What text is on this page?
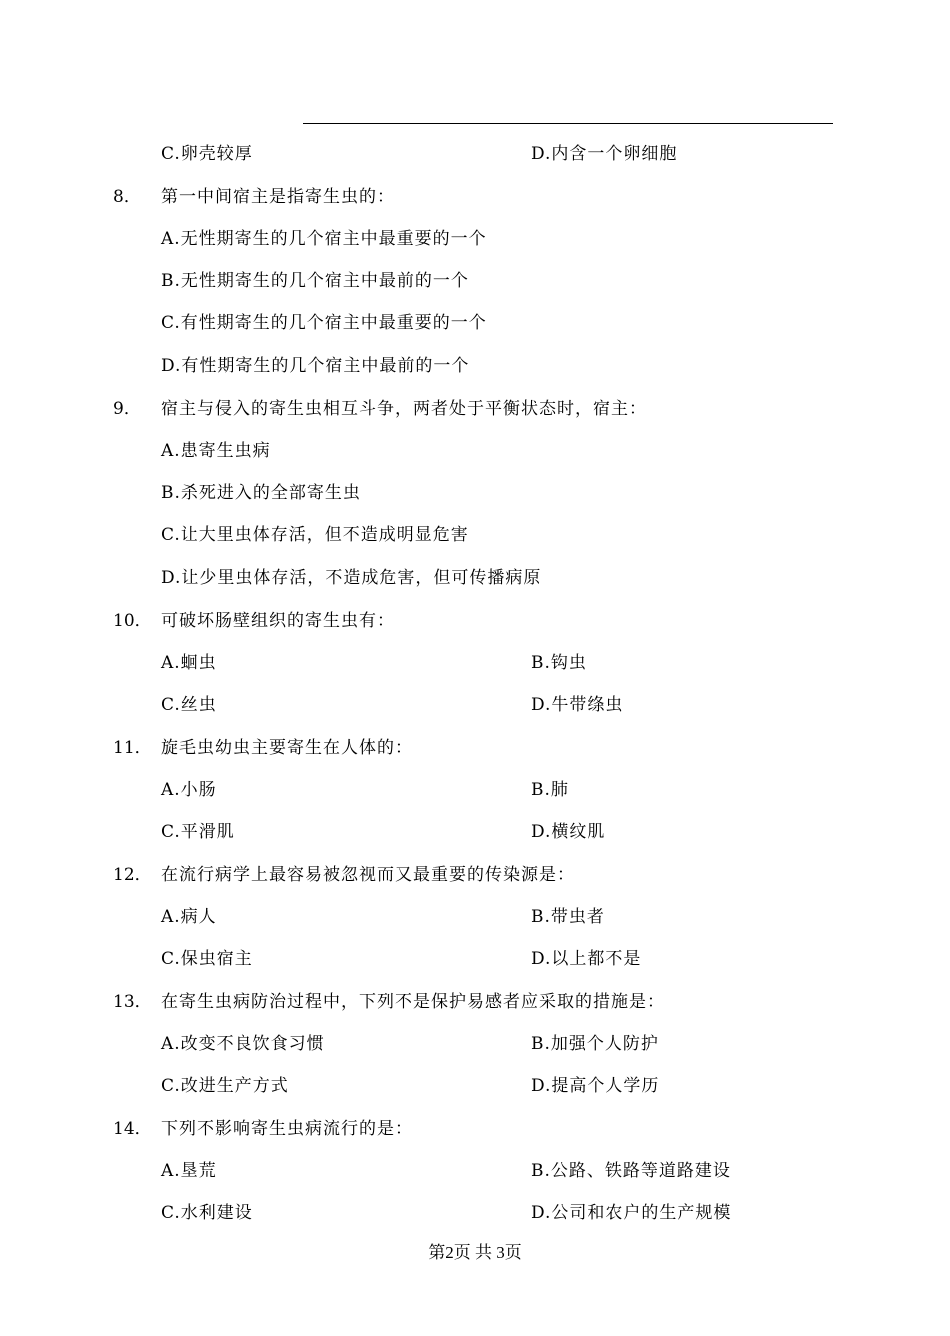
C.卵壳较厚	D.内含一个卵细胞
8． 第一中间宿主是指寄生虫的：
A.无性期寄生的几个宿主中最重要的一个
B.无性期寄生的几个宿主中最前的一个
C.有性期寄生的几个宿主中最重要的一个
D.有性期寄生的几个宿主中最前的一个
9． 宿主与侵入的寄生虫相互斗争，两者处于平衡状态时，宿主：
A.患寄生虫病
B.杀死进入的全部寄生虫
C.让大里虫体存活，但不造成明显危害
D.让少里虫体存活，不造成危害，但可传播病原
10． 可破坏肠壁组织的寄生虫有：
A.蛔虫	B.钩虫
C.丝虫	D.牛带绦虫
11． 旋毛虫幼虫主要寄生在人体的：
A.小肠	B.肺
C.平滑肌	D.横纹肌
12． 在流行病学上最容易被忽视而又最重要的传染源是：
A.病人	B.带虫者
C.保虫宿主	D.以上都不是
13． 在寄生虫病防治过程中，下列不是保护易感者应采取的措施是：
A.改变不良饮食习惯	B.加强个人防护
C.改进生产方式	D.提高个人学历
14． 下列不影响寄生虫病流行的是：
A.垦荒	B.公路、铁路等道路建设
C.水利建设	D.公司和农户的生产规模
第2页 共 3页
